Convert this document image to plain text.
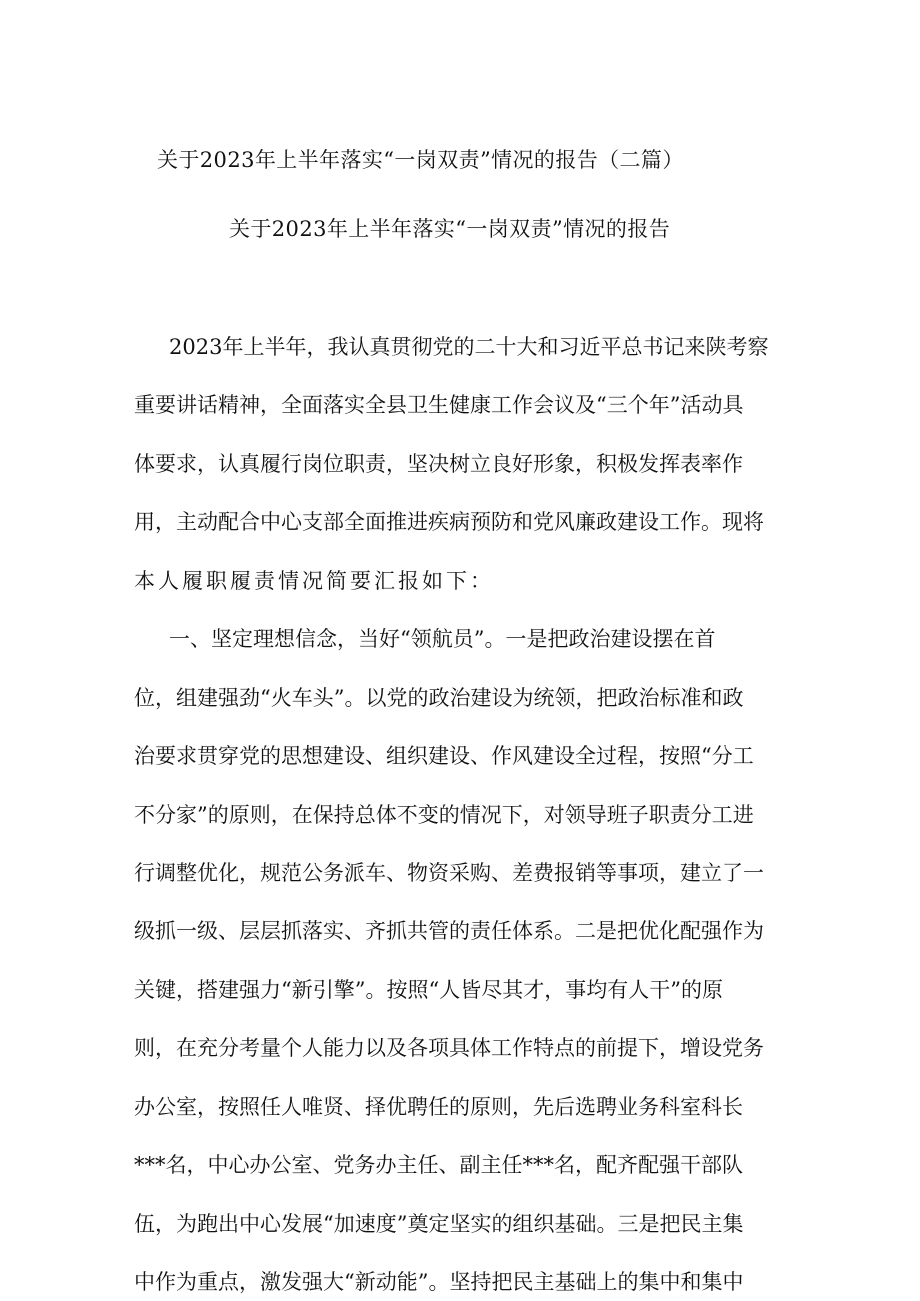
关于2023年上半年落实“一岗双责”情况的报告（二篇）
关于2023年上半年落实“一岗双责”情况的报告

2023年上半年，我认真贯彻党的二十大和习近平总书记来陕考察

重要讲话精神，全面落实全县卫生健康工作会议及“三个年”活动具

体要求，认真履行岗位职责，坚决树立良好形象，积极发挥表率作

用，主动配合中心支部全面推进疾病预防和党风廉政建设工作。现将

本人履职履责情况简要汇报如下：

一、坚定理想信念，当好“领航员”。一是把政治建设摆在首

位，组建强劲“火车头”。以党的政治建设为统领，把政治标准和政

治要求贯穿党的思想建设、组织建设、作风建设全过程，按照“分工

不分家”的原则，在保持总体不变的情况下，对领导班子职责分工进

行调整优化，规范公务派车、物资采购、差费报销等事项，建立了一

级抓一级、层层抓落实、齐抓共管的责任体系。二是把优化配强作为

关键，搭建强力“新引擎”。按照“人皆尽其才，事均有人干”的原

则，在充分考量个人能力以及各项具体工作特点的前提下，增设党务

办公室，按照任人唯贤、择优聘任的原则，先后选聘业务科室科长

***名，中心办公室、党务办主任、副主任***名，配齐配强干部队

伍，为跑出中心发展“加速度”奠定坚实的组织基础。三是把民主集

中作为重点，激发强大“新动能”。坚持把民主基础上的集中和集中
